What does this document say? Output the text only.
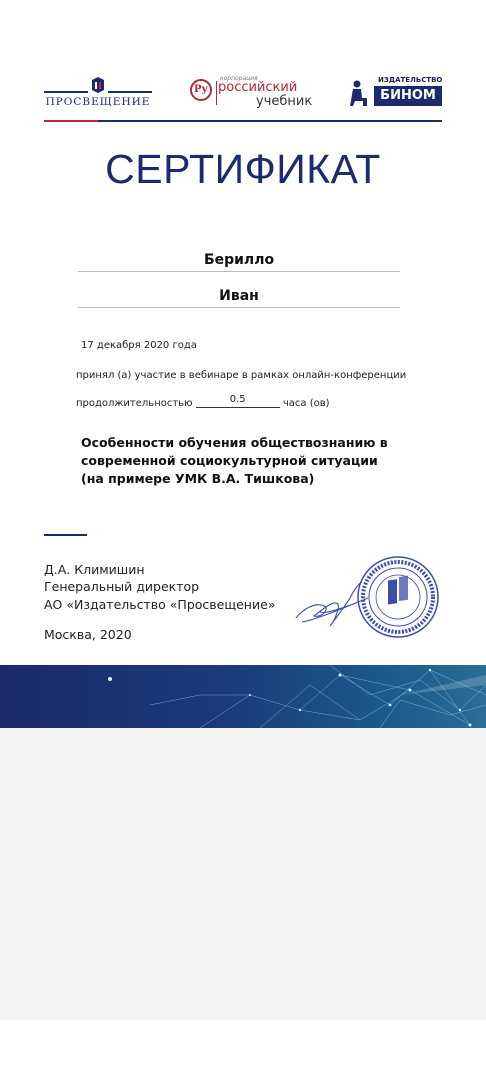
ПРОСВЕЩЕНИЕ
Ру
корпорация
российский
учебник
ИЗДАТЕЛЬСТВО
БИНОМ
СЕРТИФИКАТ
Берилло
Иван
17 декабря 2020 года
принял (а) участие в вебинаре в рамках онлайн-конференции
продолжительностью	0.5	часа (ов)
Особенности обучения обществознанию в современной социокультурной ситуации (на примере УМК В.А. Тишкова)
Д.А. Климишин
Генеральный директор
АО «Издательство «Просвещение»
Москва, 2020
